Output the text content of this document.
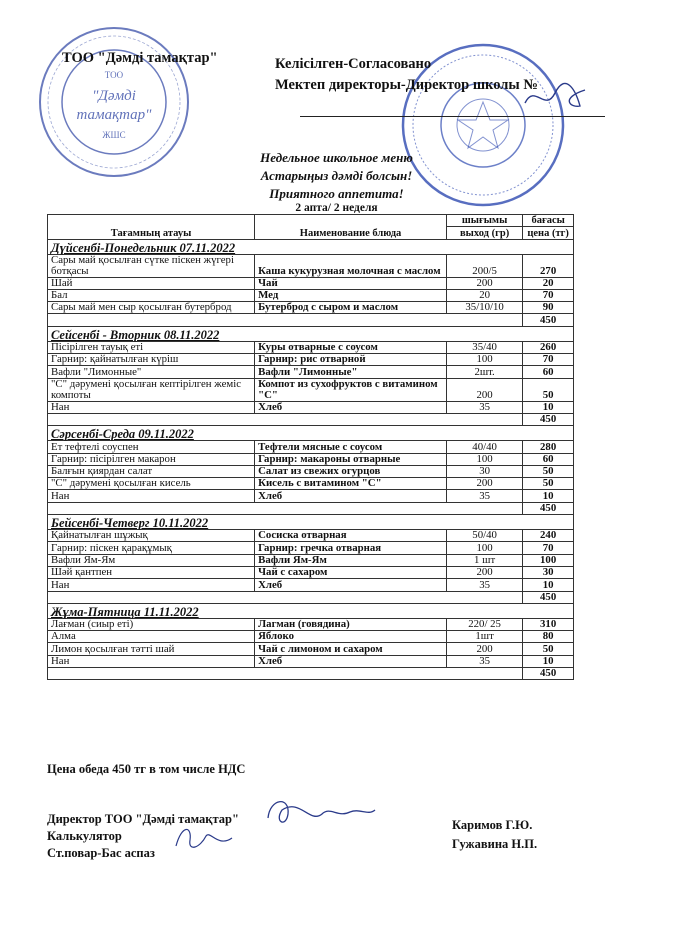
ТОО
"Дәмді
тамақтар"
ЖШС
ТОО "Дәмді тамақтар"	Келісілген-Согласовано
Мектеп директоры-Директор школы №
Недельное школьное меню
Астарыңыз дәмді болсын!
Приятного аппетита!
2 апта/ 2 неделя
Тағамның атауы	Наименование блюда	шығымы	бағасы
		выход (гр)	цена (тг)
Дүйсенбі-Понедельник 07.11.2022			
Сары май қосылған сүтке піскен жүгері ботқасы	Каша кукурузная молочная с маслом	200/5	270
Шай	Чай	200	20
Бал	Мед	20	70
Сары май мен сыр қосылған бутерброд	Бутерброд с сыром и маслом	35/10/10	90
			450
Сейсенбі - Вторник 08.11.2022			
Пісірілген тауық еті	Куры отварные с соусом	35/40	260
Гарнир: қайнатылған күріш	Гарнир: рис отварной	100	70
Вафли "Лимонные"	Вафли "Лимонные"	2шт.	60
"С" дәрумені қосылған кептірілген жеміс компоты	Компот из сухофруктов с витамином "С"	200	50
Нан	Хлеб	35	10
			450
Сәрсенбі-Среда 09.11.2022			
Ет тефтелі соуспен	Тефтели мясные с соусом	40/40	280
Гарнир: пісірілген макарон	Гарнир: макароны отварные	100	60
Балғын қиярдан салат	Салат из свежих огурцов	30	50
"С" дәрумені қосылған кисель	Кисель с витамином "С"	200	50
Нан	Хлеб	35	10
			450
Бейсенбі-Четверг 10.11.2022			
Қайнатылған шұжық	Сосиска отварная	50/40	240
Гарнир: піскен қарақұмық	Гарнир: гречка отварная	100	70
Вафли Ям-Ям	Вафли Ям-Ям	1 шт	100
Шәй қантпен	Чай с сахаром	200	30
Нан	Хлеб	35	10
			450
Жұма-Пятница 11.11.2022			
Лағман (сиыр еті)	Лагман (говядина)	220/ 25	310
Алма	Яблоко	1шт	80
Лимон қосылған тәтті шай	Чай с лимоном и сахаром	200	50
Нан	Хлеб	35	10
			450
Цена обеда 450 тг в том числе НДС
Директор ТОО "Дәмді тамақтар"
Калькулятор
Ст.повар-Бас аспаз
Каримов Г.Ю.
Гужавина Н.П.
